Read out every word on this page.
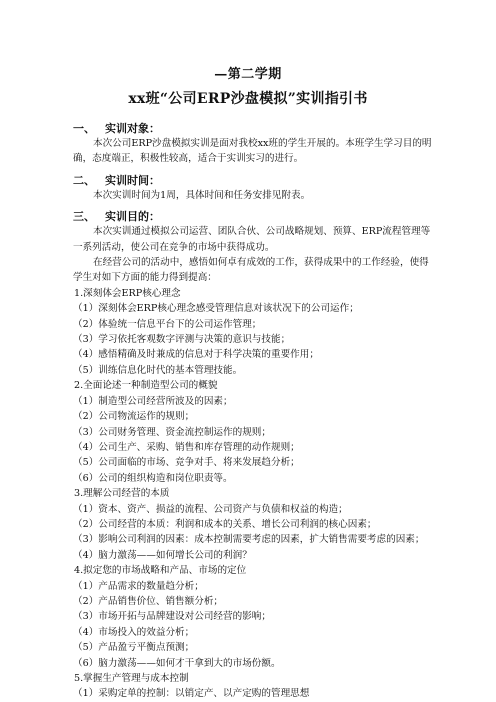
—第二学期
xx班“公司ERP沙盘模拟”实训指引书
一、 实训对象：
本次公司ERP沙盘模拟实训是面对我校xx班的学生开展的。本班学生学习目的明确，态度端正，积极性较高，适合于实训实习的进行。
二、 实训时间：
本次实训时间为1周，具体时间和任务安排见附表。
三、 实训目的：
本次实训通过模拟公司运营、团队合伙、公司战略规划、预算、ERP流程管理等一系列活动，使公司在竞争的市场中获得成功。
在经营公司的活动中，感悟如何卓有成效的工作，获得成果中的工作经验，使得学生对如下方面的能力得到提高：
1.深刻体会ERP核心理念
（1）深刻体会ERP核心理念感受管理信息对该状况下的公司运作；
（2）体验统一信息平台下的公司运作管理；
（3）学习依托客观数字评测与决策的意识与技能；
（4）感悟精确及时兼成的信息对于科学决策的重要作用；
（5）训练信息化时代的基本管理技能。
2.全面论述一种制造型公司的概貌
（1）制造型公司经营所波及的因素；
（2）公司物流运作的规则；
（3）公司财务管理、资金流控制运作的规则；
（4）公司生产、采购、销售和库存管理的动作规则；
（5）公司面临的市场、竞争对手、将来发展趋分析；
（6）公司的组织构造和岗位职责等。
3.理解公司经营的本质
（1）资本、资产、损益的流程、公司资产与负债和权益的构造；
（2）公司经营的本质：利润和成本的关系、增长公司利润的核心因素；
（3）影响公司利润的因素：成本控制需要考虑的因素，扩大销售需要考虑的因素；
（4）脑力激荡——如何增长公司的利润？
4.拟定您的市场战略和产品、市场的定位
（1）产品需求的数量趋分析；
（2）产品销售价位、销售额分析；
（3）市场开拓与品牌建设对公司经营的影响；
（4）市场投入的效益分析；
（5）产品盈亏平衡点预测；
（6）脑力激荡——如何才干拿到大的市场份额。
5.掌握生产管理与成本控制
（1）采购定单的控制：以销定产、以产定购的管理思想
